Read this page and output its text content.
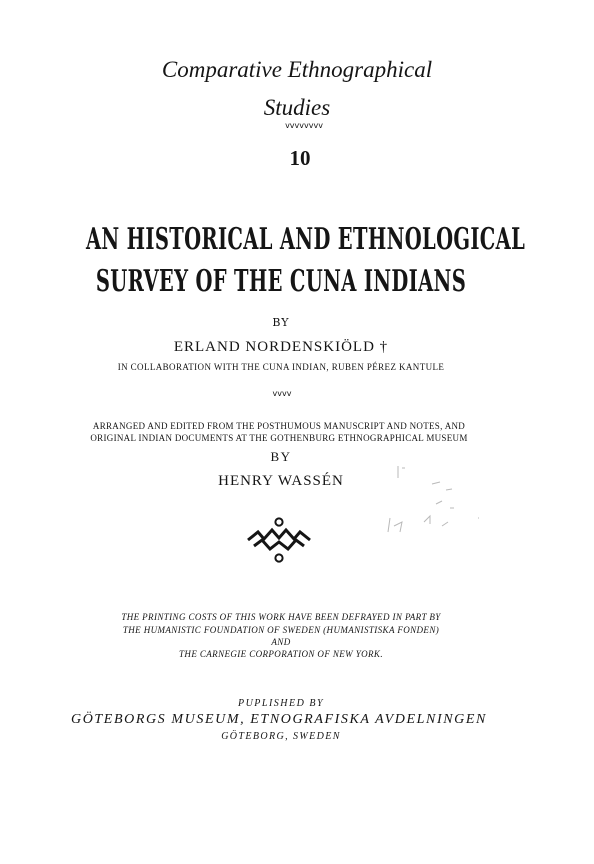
Comparative Ethnographical
Studies
vvvvvvvv
10
AN HISTORICAL AND ETHNOLOGICAL
SURVEY OF THE CUNA INDIANS
BY
ERLAND NORDENSKIÖLD †
IN COLLABORATION WITH THE CUNA INDIAN, RUBEN PÉREZ KANTULE
vvvv
ARRANGED AND EDITED FROM THE POSTHUMOUS MANUSCRIPT AND NOTES, AND
ORIGINAL INDIAN DOCUMENTS AT THE GOTHENBURG ETHNOGRAPHICAL MUSEUM
BY
HENRY WASSÉN
THE PRINTING COSTS OF THIS WORK HAVE BEEN DEFRAYED IN PART BY
THE HUMANISTIC FOUNDATION OF SWEDEN (HUMANISTISKA FONDEN)
AND
THE CARNEGIE CORPORATION OF NEW YORK.
PUPLISHED BY
GÖTEBORGS MUSEUM, ETNOGRAFISKA AVDELNINGEN
GÖTEBORG, SWEDEN
